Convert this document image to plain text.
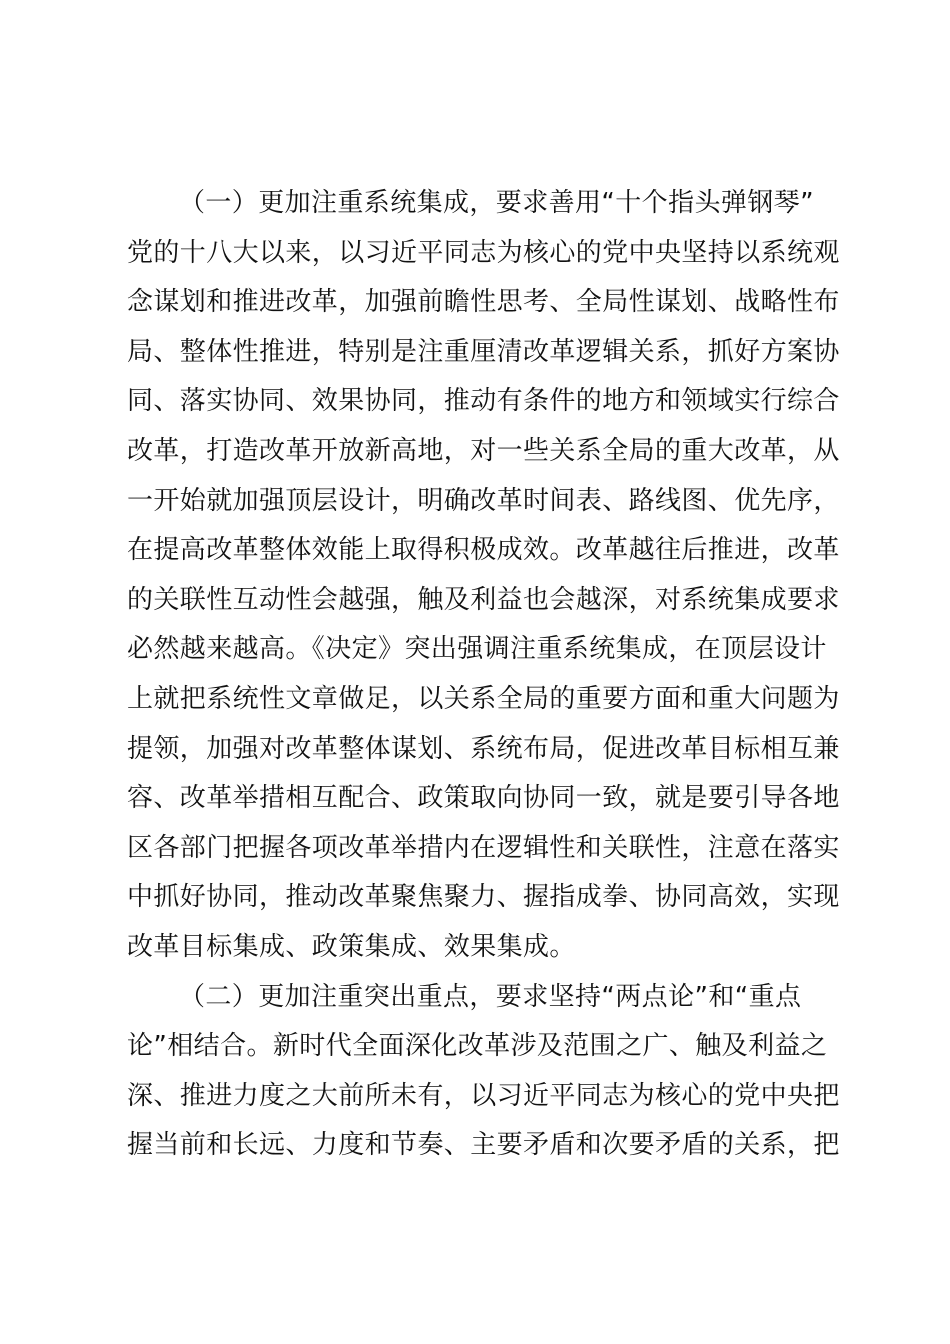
（一）更加注重系统集成，要求善用“十个指头弹钢琴”
党的十八大以来，以习近平同志为核心的党中央坚持以系统观
念谋划和推进改革，加强前瞻性思考、全局性谋划、战略性布
局、整体性推进，特别是注重厘清改革逻辑关系，抓好方案协
同、落实协同、效果协同，推动有条件的地方和领域实行综合
改革，打造改革开放新高地，对一些关系全局的重大改革，从
一开始就加强顶层设计，明确改革时间表、路线图、优先序，
在提高改革整体效能上取得积极成效。改革越往后推进，改革
的关联性互动性会越强，触及利益也会越深，对系统集成要求
必然越来越高。《决定》突出强调注重系统集成，在顶层设计
上就把系统性文章做足，以关系全局的重要方面和重大问题为
提领，加强对改革整体谋划、系统布局，促进改革目标相互兼
容、改革举措相互配合、政策取向协同一致，就是要引导各地
区各部门把握各项改革举措内在逻辑性和关联性，注意在落实
中抓好协同，推动改革聚焦聚力、握指成拳、协同高效，实现
改革目标集成、政策集成、效果集成。
（二）更加注重突出重点，要求坚持“两点论”和“重点
论”相结合。新时代全面深化改革涉及范围之广、触及利益之
深、推进力度之大前所未有，以习近平同志为核心的党中央把
握当前和长远、力度和节奏、主要矛盾和次要矛盾的关系，把
